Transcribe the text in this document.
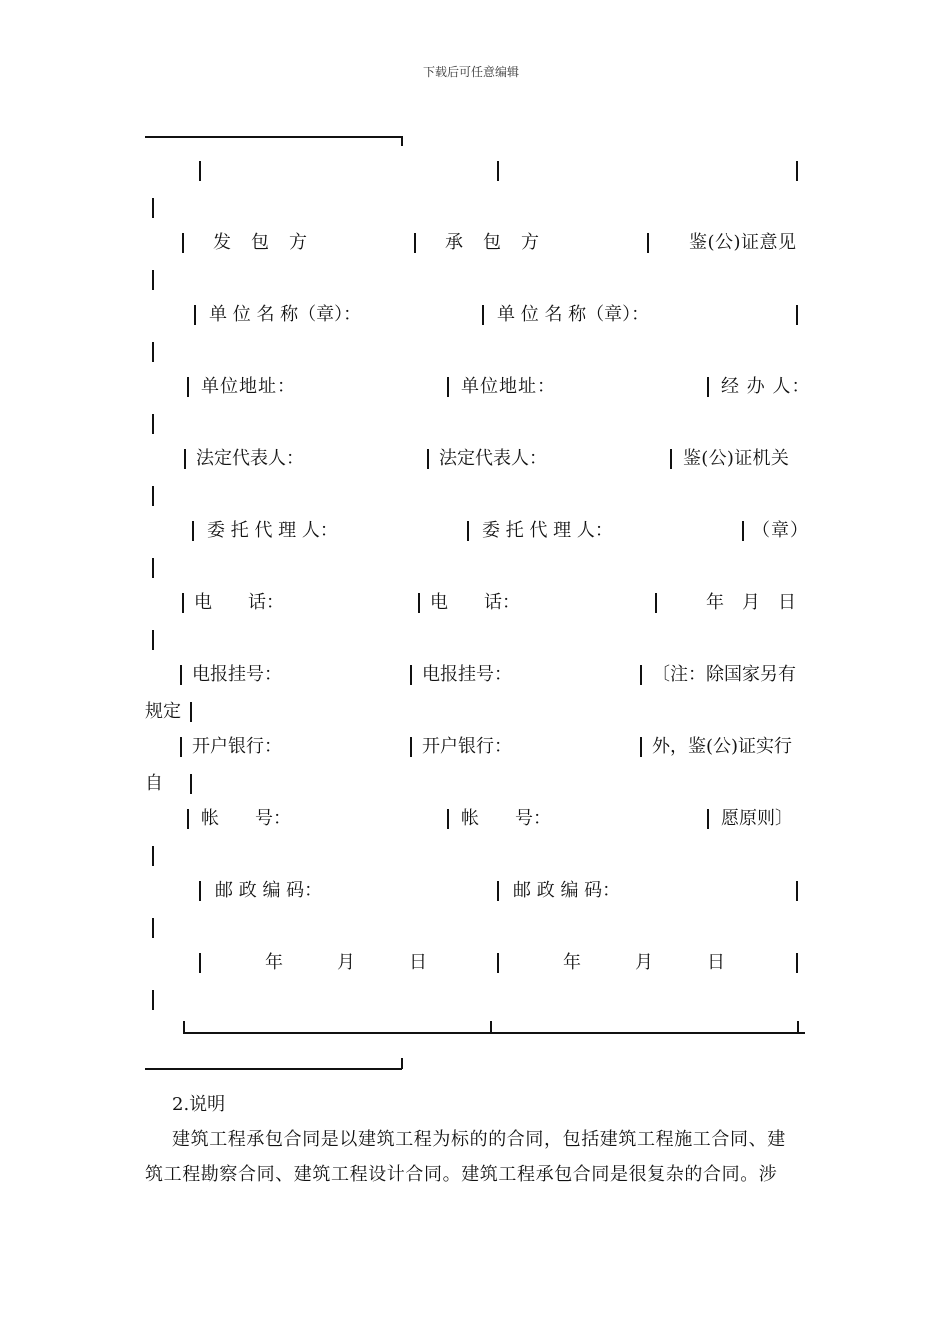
下载后可任意编辑
发　包　方	承　包　方	鉴(公)证意见
单 位 名 称（章）：	单 位 名 称（章）：
单位地址：	单位地址：	经 办 人：
法定代表人：	法定代表人：	鉴(公)证机关
委 托 代 理 人：	委 托 代 理 人：	（章）
电　　话：	电　　话：	年　月　日
电报挂号：	电报挂号：	〔注：除国家另有
规定
开户银行：	开户银行：	外，鉴(公)证实行
自
帐　　号：	帐　　号：	愿原则〕
邮 政 编 码：	邮 政 编 码：
年　　　月　　　日	年　　　月　　　日
2.说明
建筑工程承包合同是以建筑工程为标的的合同，包括建筑工程施工合同、建
筑工程勘察合同、建筑工程设计合同。建筑工程承包合同是很复杂的合同。涉
